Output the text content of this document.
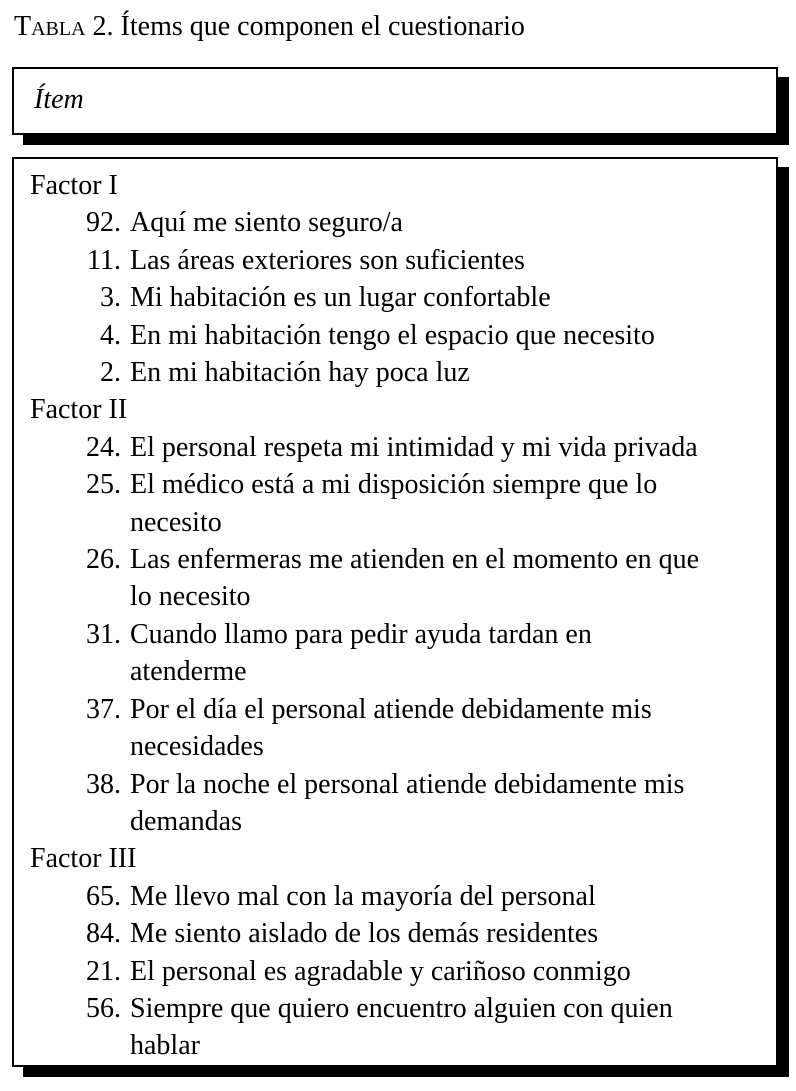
Tabla 2. Ítems que componen el cuestionario
Ítem
Factor I
92. Aquí me siento seguro/a
11. Las áreas exteriores son suficientes
3. Mi habitación es un lugar confortable
4. En mi habitación tengo el espacio que necesito
2. En mi habitación hay poca luz
Factor II
24. El personal respeta mi intimidad y mi vida privada
25. El médico está a mi disposición siempre que lo
necesito
26. Las enfermeras me atienden en el momento en que
lo necesito
31. Cuando llamo para pedir ayuda tardan en
atenderme
37. Por el día el personal atiende debidamente mis
necesidades
38. Por la noche el personal atiende debidamente mis
demandas
Factor III
65. Me llevo mal con la mayoría del personal
84. Me siento aislado de los demás residentes
21. El personal es agradable y cariñoso conmigo
56. Siempre que quiero encuentro alguien con quien
hablar
